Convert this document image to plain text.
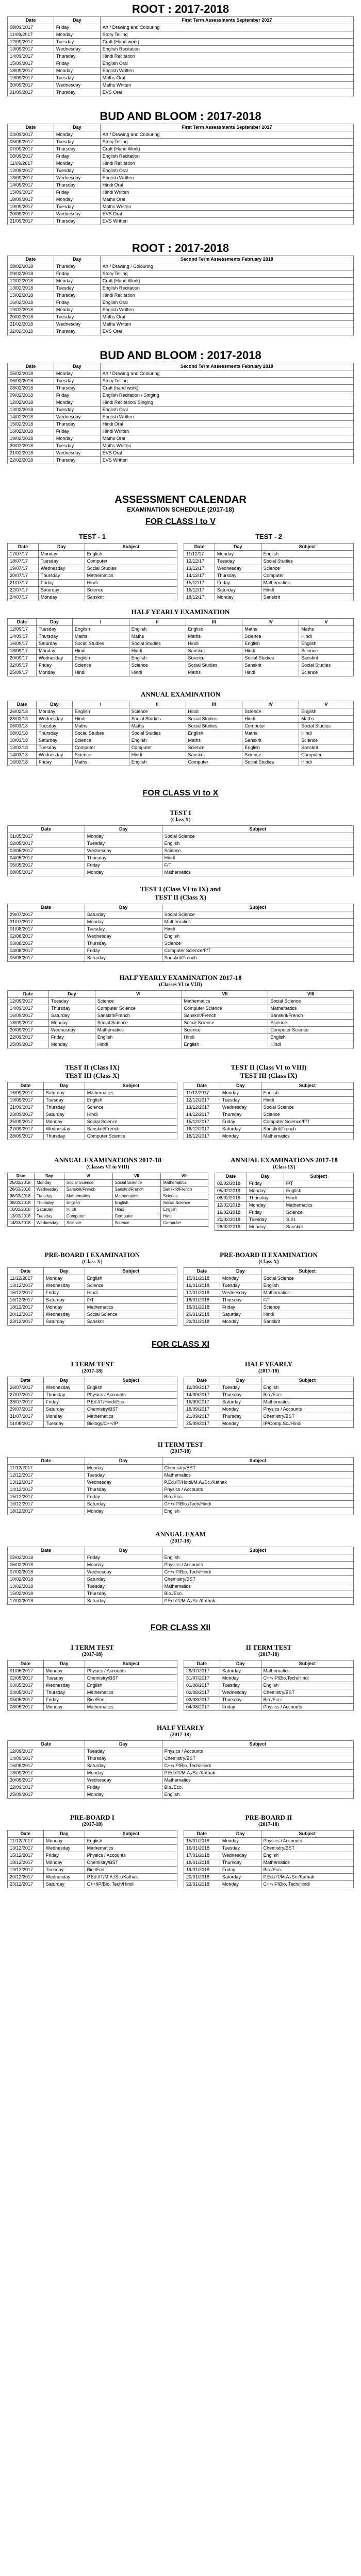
ROOT : 2017-2018
Date	Day	First Term Assessments September 2017
08/09/2017	Friday	Art / Drawing and Colouring
11/09/2017	Monday	Story Telling
12/09/2017	Tuesday	Craft (Hand work)
13/09/2017	Wednesday	English Recitation
14/09/2017	Thursday	Hindi Recitation
15/09/2017	Friday	English Oral
18/09/2017	Monday	English Written
19/09/2017	Tuesday	Maths Oral
20/09/2017	Wednesday	Maths Written
21/09/2017	Thursday	EVS Oral
BUD AND BLOOM : 2017-2018
Date	Day	First Term Assessments September 2017
04/09/2017	Monday	Art / Drawing and Colouring
05/09/2017	Tuesday	Story Telling
07/09/2017	Thursday	Craft (Hand Work)
08/09/2017	Friday	English Recitation
11/09/2017	Monday	Hindi Recitation
12/09/2017	Tuesday	English Oral
13/09/2017	Wednesday	English Written
14/09/2017	Thursday	Hindi Oral
15/09/2017	Friday	Hindi Written
18/09/2017	Monday	Maths Oral
19/09/2017	Tuesday	Maths Written
20/09/2017	Wednesday	EVS Oral
21/09/2017	Thursday	EVS Written
ROOT : 2017-2018
Date	Day	Second Term Assessments February 2018
08/02/2018	Thursday	Art / Drawing / Colouring
09/02/2018	Friday	Story Telling
12/02/2018	Monday	Craft (Hand Work)
13/02/2018	Tuesday	English Recitation
15/02/2018	Thursday	Hindi Recitation
16/02/2018	Friday	English Oral
19/02/2018	Monday	English Written
20/02/2018	Tuesday	Maths Oral
21/02/2018	Wednesday	Maths Written
22/02/2018	Thursday	EVS Oral
BUD AND BLOOM : 2017-2018
Date	Day	Second Term Assessments February 2018
05/02/2018	Monday	Art / Drawing and Colouring
06/02/2018	Tuesday	Story Telling
08/02/2018	Thursday	Craft (hand work)
09/02/2018	Friday	English Recitation / Singing
12/02/2018	Monday	Hindi Recitation/ Singing
13/02/2018	Tuesday	English Oral
14/02/2018	Wednesday	English Written
15/02/2018	Thursday	Hindi Oral
16/02/2018	Friday	Hindi Written
19/02/2018	Monday	Maths Oral
20/02/2018	Tuesday	Maths Written
21/02/2018	Wednesday	EVS Oral
22/02/2018	Thursday	EVS Written
ASSESSMENT CALENDAR
EXAMINATION SCHEDULE (2017-18)
FOR CLASS I to V
TEST - 1	TEST - 2
Date	Day	Subject
17/07/17	Monday	English
18/07/17	Tuesday	Computer
19/07/17	Wednesday	Social Studies
20/07/17	Thursday	Mathematics
21/07/17	Friday	Hindi
22/07/17	Saturday	Science
24/07/17	Monday	Sanskrit
Date	Day	Subject
11/12/17	Monday	English
12/12/17	Tuesday	Social Studies
13/12/17	Wednesday	Science
14/12/17	Thursday	Computer
15/12/17	Friday	Mathematics
16/12/17	Saturday	Hindi
18/12/17	Monday	Sanskrit
HALF YEARLY EXAMINATION
Date	Day	I	II	III	IV	V
12/09/17	Tuesday	English	English	English	Maths	Maths
14/09/17	Thursday	Maths	Maths	Maths	Science	Hindi
16/09/17	Saturday	Social Studies	Social Studies	Hindi	English	English
18/09/17	Monday	Hindi	Hindi	Sanskrit	Hindi	Science
20/09/17	Wednesday	English	English	Science	Social Studies	Sanskrit
22/09/17	Friday	Science	Science	Social Studies	Sanskrit	Social Studies
25/09/17	Monday	Hindi	Hindi	Maths	Hindi	Science
ANNUAL EXAMINATION
Date	Day	I	II	III	IV	V
26/02/18	Monday	English	Science	Hindi	Science	English
28/02/18	Wednesday	Hindi	Social Studies	Social Studies	Hindi	Maths
06/03/18	Tuesday	Maths	Maths	Social Studies	Computer	Social Studies
08/03/18	Thursday	Social Studies	Social Studies	English	Maths	Hindi
10/03/18	Saturday	Science	English	Maths	Sanskrit	Science
13/03/18	Tuesday	Computer	Computer	Science	English	Sanskrit
14/03/18	Wednesday	Science	Hindi	Sanskrit	Science	Computer
16/03/18	Friday	Maths	English	Computer	Social Studies	Hindi
FOR CLASS VI to X
TEST I
(Class X)
Date	Day	Subject
01/05/2017	Monday	Social Science
02/05/2017	Tuesday	English
03/05/2017	Wednesday	Science
04/05/2017	Thursday	Hindi
05/05/2017	Friday	F/T
08/05/2017	Monday	Mathematics
TEST I (Class VI to IX) and
TEST II (Class X)
Date	Day	Subject
29/07/2017	Saturday	Social Science
31/07/2017	Monday	Mathematics
01/08/2017	Tuesday	Hindi
02/08/2017	Wednesday	English
03/08/2017	Thursday	Science
04/08/2017	Friday	Computer Science/F/T
05/08/2017	Saturday	Sanskrit/French
HALF YEARLY EXAMINATION 2017-18
(Classes VI to VIII)
Date	Day	VI	VII	VIII
12/09/2017	Tuesday	Science	Mathematics	Social Science
14/09/2017	Thursday	Computer Science	Computer Science	Mathematics
16/09/2017	Saturday	Sanskrit/French	Sanskrit/French	Sanskrit/French
18/09/2017	Monday	Social Science	Social Science	Science
20/09/2017	Wednesday	Mathematics	Science	Computer Science
22/09/2017	Friday	English	Hindi	English
25/09/2017	Monday	Hindi	English	Hindi
TEST II (Class IX)
TEST III (Class X)
TEST II (Class VI to VIII)
TEST III (Class IX)
Date	Day	Subject
16/09/2017	Saturday	Mathematics
19/09/2017	Tuesday	English
21/09/2017	Thursday	Science
23/09/2017	Saturday	Hindi
25/09/2017	Monday	Social Science
27/09/2017	Wednesday	Sanskrit/French
28/09/2017	Thursday	Computer Science
Date	Day	Subject
11/12/2017	Monday	English
12/12/2017	Tuesday	Hindi
13/12/2017	Wednesday	Social Science
14/12/2017	Thursday	Science
15/12/2017	Friday	Computer Science/F/T
16/12/2017	Saturday	Sanskrit/French
18/12/2017	Monday	Mathematics
ANNUAL EXAMINATIONS 2017-18
(Classes VI to VIII)
ANNUAL EXAMINATIONS 2017-18
(Class IX)
Date	Day	VI	VII	VIII
26/02/2018	Monday	Social Science	Social Science	Mathematics
28/02/2018	Wednesday	Sanskrit/French	Sanskrit/French	Sanskrit/French
06/03/2018	Tuesday	Mathematics	Mathematics	Science
08/03/2018	Thursday	English	English	Social Science
10/03/2018	Saturday	Hindi	Hindi	English
13/03/2018	Tuesday	Computer	Computer	Hindi
14/03/2018	Wednesday	Science	Science	Computer
Date	Day	Subject
02/02/2018	Friday	F/T
05/02/2018	Monday	English
08/02/2018	Thursday	Hindi
12/02/2018	Monday	Mathematics
16/02/2018	Friday	Science
20/02/2018	Tuesday	S.St.
26/02/2018	Monday	Sanskrit
PRE-BOARD I EXAMINATION
(Class X)
PRE-BOARD II EXAMINATION
(Class X)
Date	Day	Subject
11/12/2017	Monday	English
13/12/2017	Wednesday	Science
15/12/2017	Friday	Hindi
16/12/2017	Saturday	F/T
18/12/2017	Monday	Mathematics
20/12/2017	Wednesday	Social Science
23/12/2017	Saturday	Sanskrit
Date	Day	Subject
15/01/2018	Monday	Social Science
16/01/2018	Tuesday	English
17/01/2018	Wednesday	Mathematics
18/01/2018	Thursday	F/T
19/01/2018	Friday	Science
20/01/2018	Saturday	Hindi
22/01/2018	Monday	Sanskrit
FOR CLASS XI
I TERM TEST
(2017-18)
HALF YEARLY
(2017-18)
Date	Day	Subject
26/07/2017	Wednesday	English
27/07/2017	Thursday	Physics / Accounts
28/07/2017	Friday	P.Ed./IT/Hindi/Eco
29/07/2017	Saturday	Chemistry/BST
31/07/2017	Monday	Mathematics
01/08/2017	Tuesday	Biology/C++/IP
Date	Day	Subject
12/09/2017	Tuesday	English
14/09/2017	Thursday	Bio./Eco.
16/09/2017	Saturday	Mathematics
18/09/2017	Monday	Physics / Accounts
21/09/2017	Thursday	Chemistry/BST
25/09/2017	Monday	IP/Comp.Sc./Hindi
II TERM TEST
(2017-18)
Date	Day	Subject
11/12/2017	Monday	Chemistry/BST
12/12/2017	Tuesday	Mathematics
13/12/2017	Wednesday	P.Ed./IT/Hindi/M.A./Sc./Kathak
14/12/2017	Thursday	Physics / Accounts
15/12/2017	Friday	Bio./Eco.
16/12/2017	Saturday	C++/IP/Bio./Tech/Hindi
18/12/2017	Monday	English
ANNUAL EXAM
(2017-18)
Date	Day	Subject
02/02/2018	Friday	English
05/02/2018	Monday	Physics / Accounts
07/02/2018	Wednesday	C++/IP/Bio. Tech/Hindi
10/02/2018	Saturday	Chemistry/BST
13/02/2018	Tuesday	Mathematics
15/02/2018	Thursday	Bio./Eco.
17/02/2018	Saturday	P.Ed./IT/M.A./Sc./Kathak
FOR CLASS XII
I TERM TEST
(2017-18)
II TERM TEST
(2017-18)
Date	Day	Subject
01/05/2017	Monday	Physics / Accounts
02/05/2017	Tuesday	Chemistry/BST
03/05/2017	Wednesday	English
04/05/2017	Thursday	Mathematics
05/05/2017	Friday	Bio./Eco.
08/05/2017	Monday	Mathematics
Date	Day	Subject
29/07/2017	Saturday	Mathematics
31/07/2017	Monday	C++/IP/Bio.Tech/Hindi
01/08/2017	Tuesday	English
02/08/2017	Wednesday	Chemistry/BST
03/08/2017	Thursday	Bio./Eco.
04/08/2017	Friday	Physics / Accounts
HALF YEARLY
(2017-18)
Date	Day	Subject
12/09/2017	Tuesday	Physics / Accounts
14/09/2017	Thursday	Chemistry/BST
16/09/2017	Saturday	C++/IP/Bio. Tech/Hindi
18/09/2017	Monday	P.Ed./IT/M.A./Sc./Kathak
20/09/2017	Wednesday	Mathematics
22/09/2017	Friday	Bio./Eco.
25/09/2017	Monday	English
PRE-BOARD I
(2017-18)
PRE-BOARD II
(2017-18)
Date	Day	Subject
11/12/2017	Monday	English
13/12/2017	Wednesday	Mathematics
15/12/2017	Friday	Physics / Accounts
18/12/2017	Monday	Chemistry/BST
19/12/2017	Tuesday	Bio./Eco.
20/12/2017	Wednesday	P.Ed./IT/M.A./Sc./Kathak
23/12/2017	Saturday	C++/IP/Bio. Tech/Hindi
Date	Day	Subject
15/01/2018	Monday	Physics / Accounts
16/01/2018	Tuesday	Chemistry/BST
17/01/2018	Wednesday	English
18/01/2018	Thursday	Mathematics
19/01/2018	Friday	Bio./Eco.
20/01/2018	Saturday	P.Ed./IT/M.A./Sc./Kathak
22/01/2018	Monday	C++/IP/Bio. Tech/Hindi
